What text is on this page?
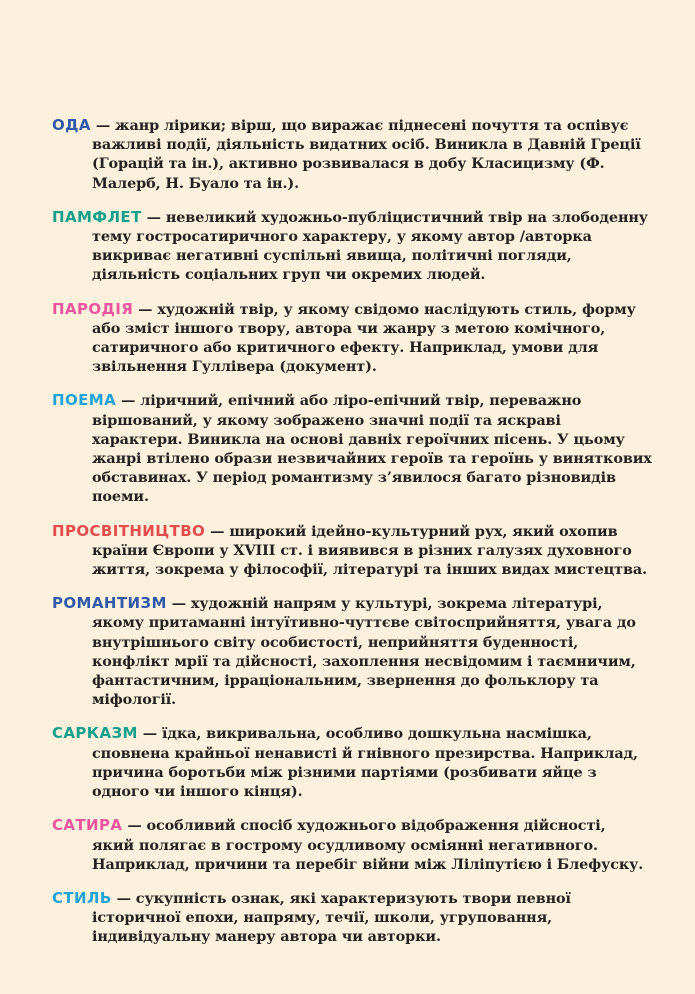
ОДА — жанр лірики; вірш, що виражає піднесені почуття та оспівує важливі події, діяльність видатних осіб. Виникла в Давній Греції (Горацій та ін.), активно розвивалася в добу Класицизму (Ф. Малерб, Н. Буало та ін.).

ПАМФЛЕТ — невеликий художньо-публіцистичний твір на злободенну тему гостросатиричного характеру, у якому автор /авторка викриває негативні суспільні явища, політичні погляди, діяльність соціальних груп чи окремих людей.

ПАРОДІЯ — художній твір, у якому свідомо наслідують стиль, форму або зміст іншого твору, автора чи жанру з метою комічного, сатиричного або критичного ефекту. Наприклад, умови для звільнення Гуллівера (документ).

ПОЕМА — ліричний, епічний або ліро-епічний твір, переважно віршований, у якому зображено значні події та яскраві характери. Виникла на основі давніх героїчних пісень. У цьому жанрі втілено образи незвичайних героїв та героїнь у виняткових обставинах. У період романтизму з’явилося багато різновидів поеми.

ПРОСВІТНИЦТВО — широкий ідейно-культурний рух, який охопив країни Європи у XVIII ст. і виявився в різних галузях духовного життя, зокрема у філософії, літературі та інших видах мистецтва.

РОМАНТИЗМ — художній напрям у культурі, зокрема літературі, якому притаманні інтуїтивно-чуттєве світосприйняття, увага до внутрішнього світу особистості, неприйняття буденності, конфлікт мрії та дійсності, захоплення несвідомим і таємничим, фантастичним, ірраціональним, звернення до фольклору та міфології.

САРКАЗМ — їдка, викривальна, особливо дошкульна насмішка, сповнена крайньої ненависті й гнівного презирства. Наприклад, причина боротьби між різними партіями (розбивати яйце з одного чи іншого кінця).

САТИРА — особливий спосіб художнього відображення дійсності, який полягає в гострому осудливому осміянні негативного. Наприклад, причини та перебіг війни між Ліліпутією і Блефуску.

СТИЛЬ — сукупність ознак, які характеризують твори певної історичної епохи, напряму, течії, школи, угруповання, індивідуальну манеру автора чи авторки.
